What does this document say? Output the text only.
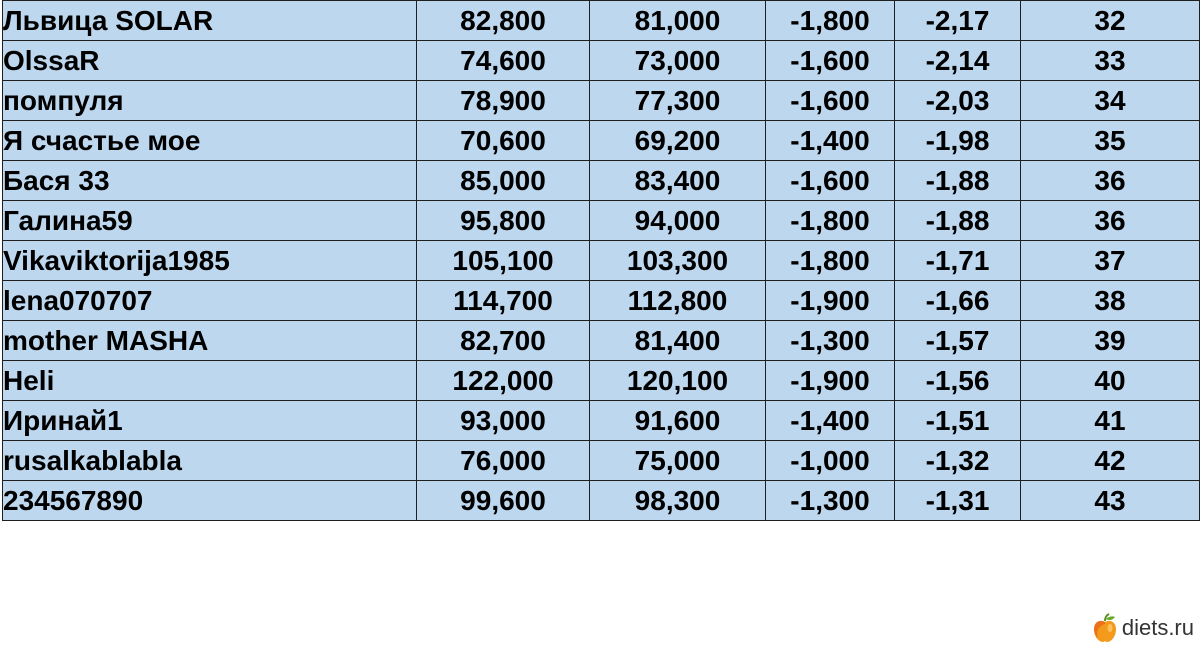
Львица SOLAR	82,800	81,000	-1,800	-2,17	32
OlssaR	74,600	73,000	-1,600	-2,14	33
помпуля	78,900	77,300	-1,600	-2,03	34
Я счастье мое	70,600	69,200	-1,400	-1,98	35
Бася 33	85,000	83,400	-1,600	-1,88	36
Галина59	95,800	94,000	-1,800	-1,88	36
Vikaviktorija1985	105,100	103,300	-1,800	-1,71	37
lena070707	114,700	112,800	-1,900	-1,66	38
mother MASHA	82,700	81,400	-1,300	-1,57	39
Heli	122,000	120,100	-1,900	-1,56	40
Иринай1	93,000	91,600	-1,400	-1,51	41
rusalkablabla	76,000	75,000	-1,000	-1,32	42
234567890	99,600	98,300	-1,300	-1,31	43
diets.ru
